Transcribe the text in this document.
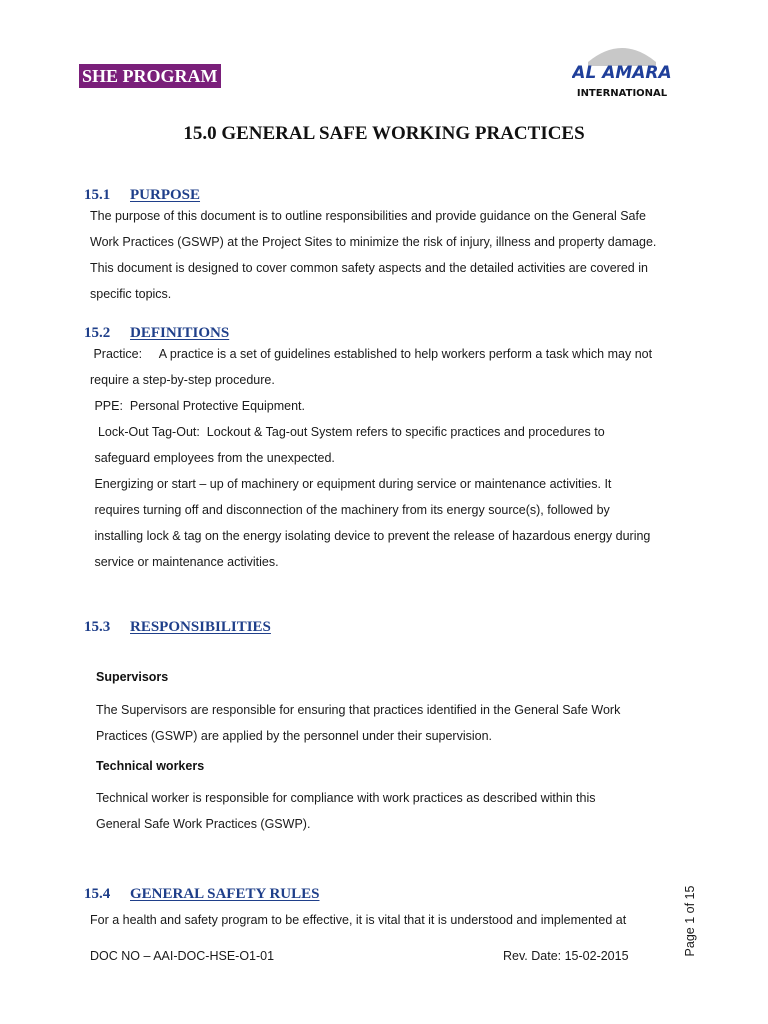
SHE PROGRAM	AL AMARA
INTERNATIONAL
15.0 GENERAL SAFE WORKING PRACTICES
15.1 PURPOSE
The purpose of this document is to outline responsibilities and provide guidance on the General Safe
Work Practices (GSWP) at the Project Sites to minimize the risk of injury, illness and property damage.
This document is designed to cover common safety aspects and the detailed activities are covered in
specific topics.
15.2 DEFINITIONS
Practice:     A practice is a set of guidelines established to help workers perform a task which may not
require a step-by-step procedure.
PPE:  Personal Protective Equipment.
Lock-Out Tag-Out:  Lockout & Tag-out System refers to specific practices and procedures to
safeguard employees from the unexpected.
Energizing or start – up of machinery or equipment during service or maintenance activities. It
requires turning off and disconnection of the machinery from its energy source(s), followed by
installing lock & tag on the energy isolating device to prevent the release of hazardous energy during
service or maintenance activities.
15.3 RESPONSIBILITIES
Supervisors
The Supervisors are responsible for ensuring that practices identified in the General Safe Work
Practices (GSWP) are applied by the personnel under their supervision.
Technical workers
Technical worker is responsible for compliance with work practices as described within this
General Safe Work Practices (GSWP).
15.4 GENERAL SAFETY RULES
For a health and safety program to be effective, it is vital that it is understood and implemented at
DOC NO – AAI-DOC-HSE-O1-01	Rev. Date: 15-02-2015	Page 1 of 15
